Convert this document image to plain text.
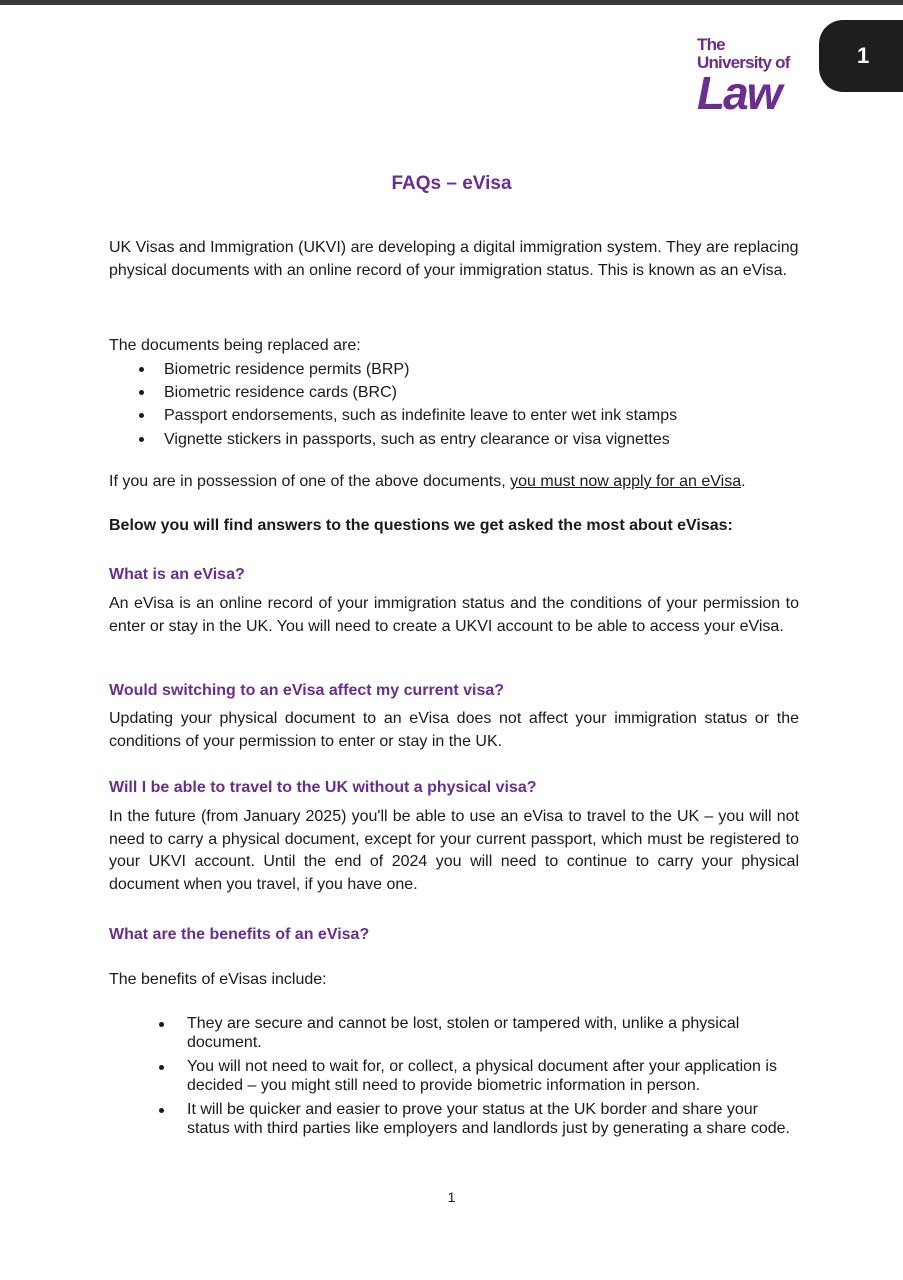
1
The
University of
Law
FAQs – eVisa

UK Visas and Immigration (UKVI) are developing a digital immigration system. They are replacing physical documents with an online record of your immigration status. This is known as an eVisa.

The documents being replaced are:

Biometric residence permits (BRP)
Biometric residence cards (BRC)
Passport endorsements, such as indefinite leave to enter wet ink stamps
Vignette stickers in passports, such as entry clearance or visa vignettes

If you are in possession of one of the above documents, you must now apply for an eVisa.

Below you will find answers to the questions we get asked the most about eVisas:

What is an eVisa?

An eVisa is an online record of your immigration status and the conditions of your permission to enter or stay in the UK. You will need to create a UKVI account to be able to access your eVisa.

Would switching to an eVisa affect my current visa?

Updating your physical document to an eVisa does not affect your immigration status or the conditions of your permission to enter or stay in the UK.

Will I be able to travel to the UK without a physical visa?

In the future (from January 2025) you'll be able to use an eVisa to travel to the UK – you will not need to carry a physical document, except for your current passport, which must be registered to your UKVI account. Until the end of 2024 you will need to continue to carry your physical document when you travel, if you have one.

What are the benefits of an eVisa?

The benefits of eVisas include:

They are secure and cannot be lost, stolen or tampered with, unlike a physical document.
You will not need to wait for, or collect, a physical document after your application is decided – you might still need to provide biometric information in person.
It will be quicker and easier to prove your status at the UK border and share your status with third parties like employers and landlords just by generating a share code.
1
